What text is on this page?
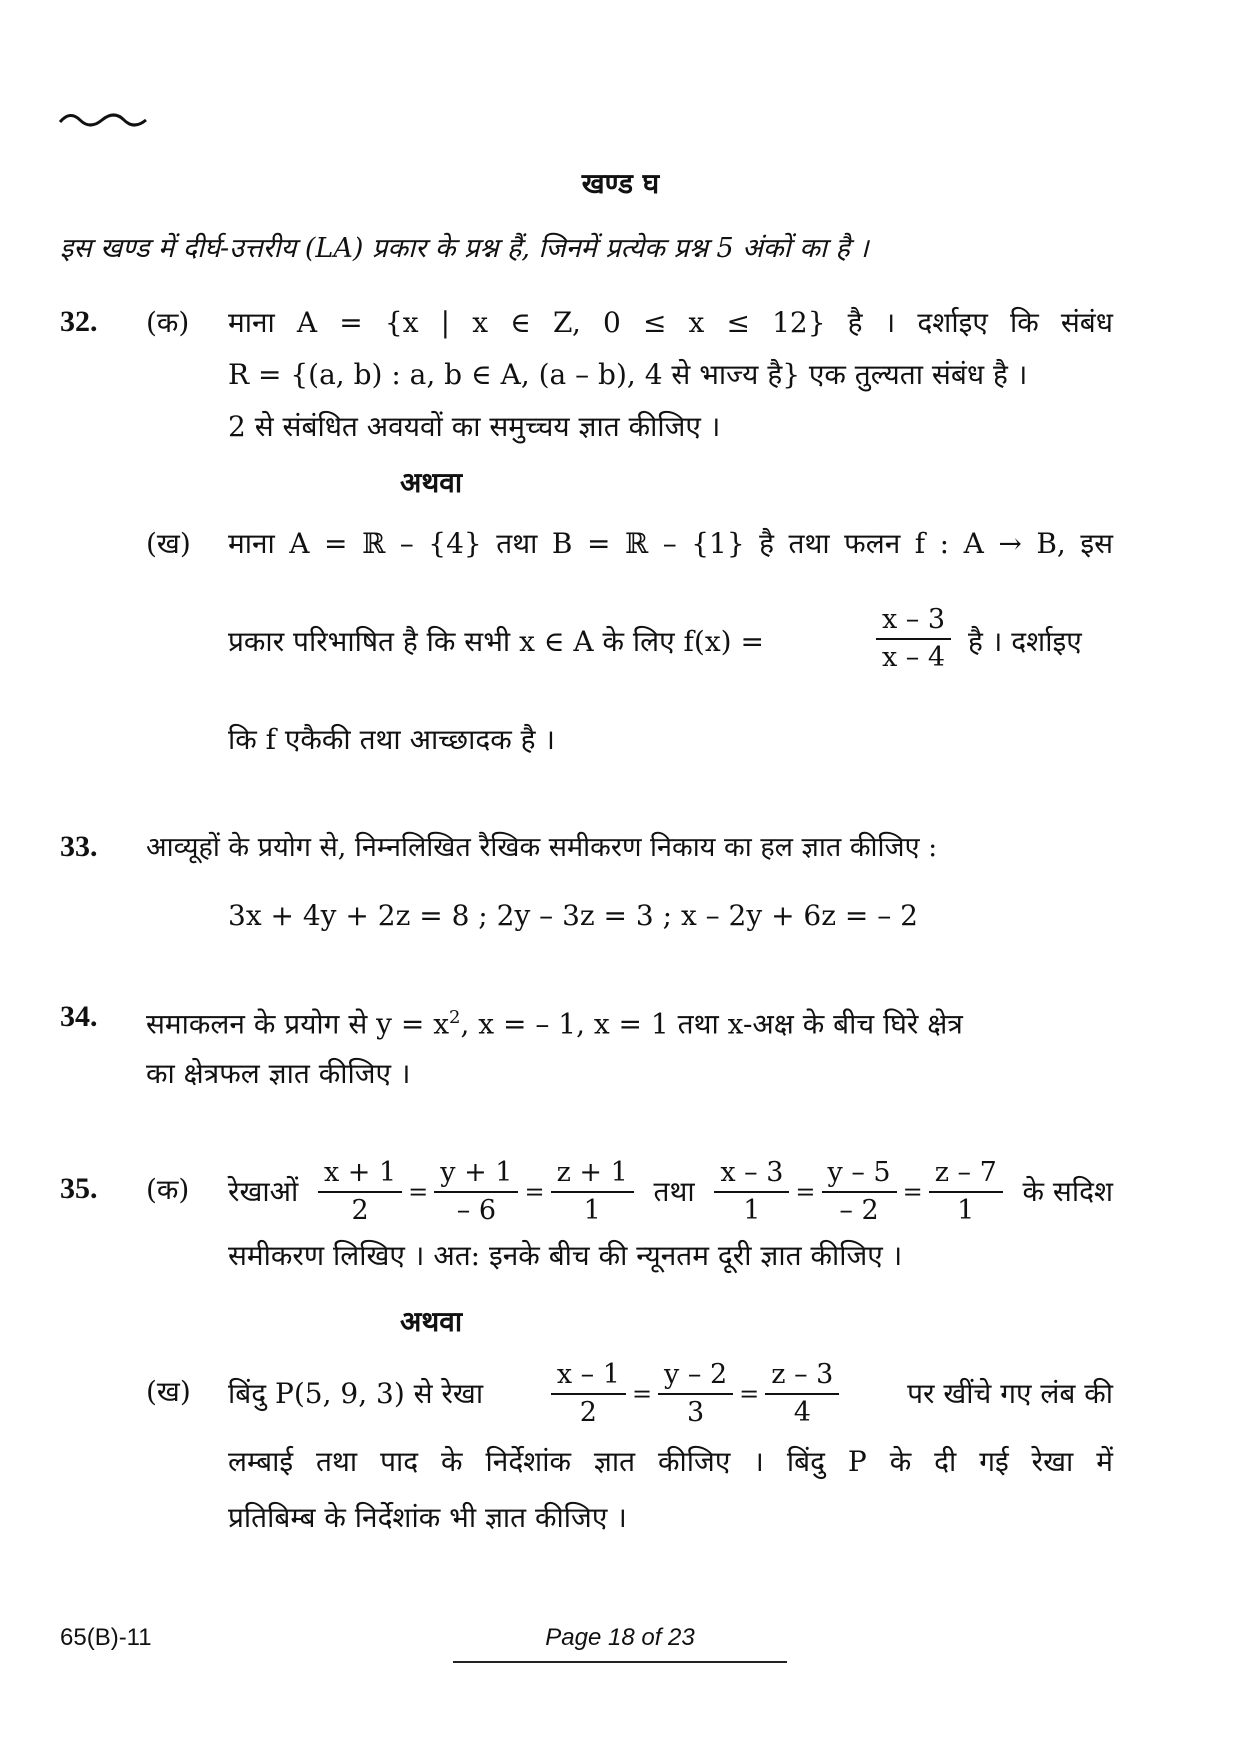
खण्ड घ
इस खण्ड में दीर्घ-उत्तरीय (LA) प्रकार के प्रश्न हैं, जिनमें प्रत्येक प्रश्न 5 अंकों का है ।
32. (क) माना A = {x | x ∈ Z, 0 ≤ x ≤ 12} है । दर्शाइए कि संबंध
R = {(a, b) : a, b ∈ A, (a – b), 4 से भाज्य है} एक तुल्यता संबंध है ।
2 से संबंधित अवयवों का समुच्चय ज्ञात कीजिए ।
अथवा
(ख) माना A = ℝ – {4} तथा B = ℝ – {1} है तथा फलन f : A → B, इस
प्रकार परिभाषित है कि सभी x ∈ A के लिए f(x) =	$\frac{x - 3}{x - 4}$ है । दर्शाइए
कि f एकैकी तथा आच्छादक है ।
33. आव्यूहों के प्रयोग से, निम्नलिखित रैखिक समीकरण निकाय का हल ज्ञात कीजिए :
3x + 4y + 2z = 8 ; 2y – 3z = 3 ; x – 2y + 6z = – 2
34. समाकलन के प्रयोग से $y = x^2$, x = – 1, x = 1 तथा x-अक्ष के बीच घिरे क्षेत्र
का क्षेत्रफल ज्ञात कीजिए ।
35. (क) रेखाओं $\frac{x + 1}{2} = \frac{y + 1}{- 6} = \frac{z + 1}{1}$ तथा $\frac{x - 3}{1} = \frac{y - 5}{- 2} = \frac{z - 7}{1}$ के सदिश
समीकरण लिखिए । अत: इनके बीच की न्यूनतम दूरी ज्ञात कीजिए ।
अथवा
(ख) बिंदु P(5, 9, 3) से रेखा	$\frac{x - 1}{2} = \frac{y - 2}{3} = \frac{z - 3}{4}$ पर खींचे गए लंब की
लम्बाई तथा पाद के निर्देशांक ज्ञात कीजिए । बिंदु P के दी गई रेखा में
प्रतिबिम्ब के निर्देशांक भी ज्ञात कीजिए ।
65(B)-11	Page 18 of 23
